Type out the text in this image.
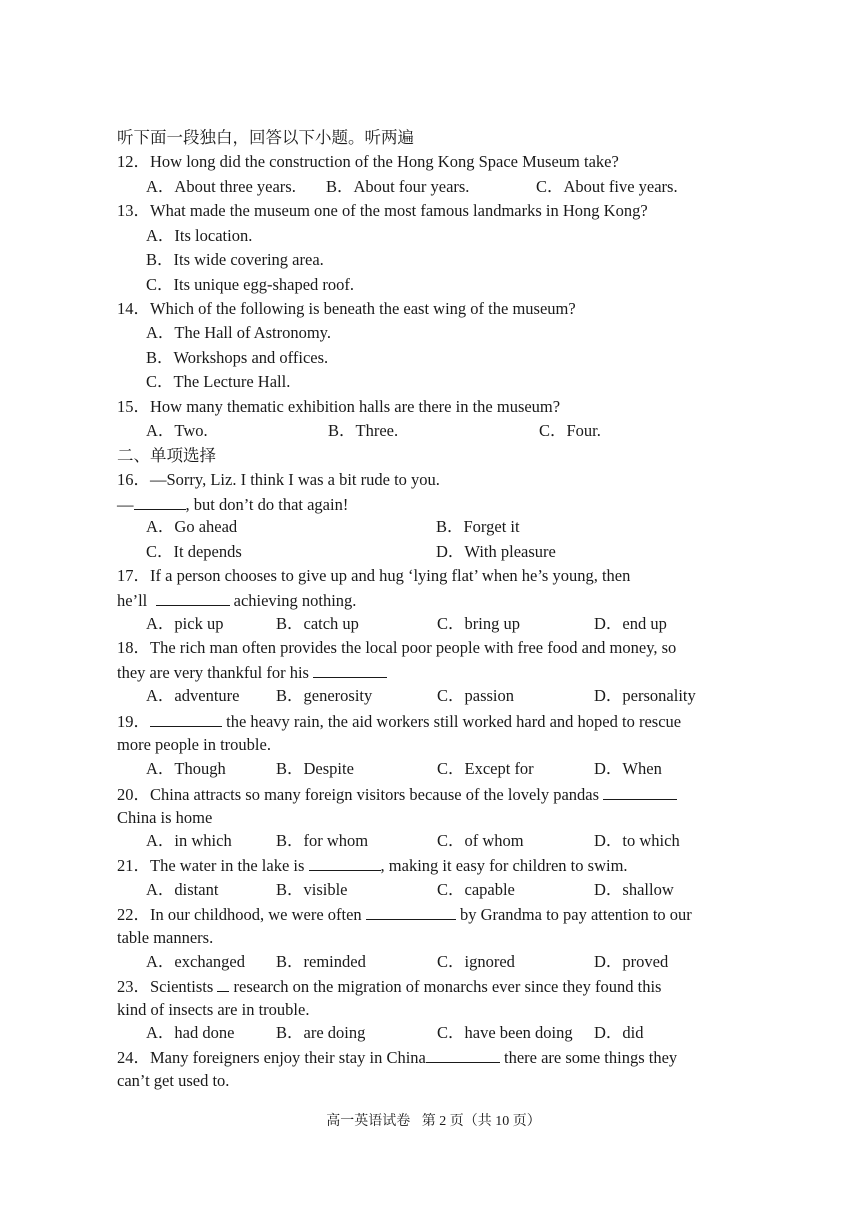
听下面一段独白，回答以下小题。听两遍
12．How long did the construction of the Hong Kong Space Museum take?
A．About three years. B．About four years.	C．About five years.
13．What made the museum one of the most famous landmarks in Hong Kong?
A．Its location.
B．Its wide covering area.
C．Its unique egg-shaped roof.
14．Which of the following is beneath the east wing of the museum?
A．The Hall of Astronomy.
B．Workshops and offices.
C．The Lecture Hall.
15．How many thematic exhibition halls are there in the museum?
A．Two.	B．Three.	C．Four.
二、单项选择
16．—Sorry, Liz. I think I was a bit rude to you.
—	, but don’t do that again!
A．Go ahead	B．Forget it
C．It depends	D．With pleasure
17．If a person chooses to give up and hug ‘lying flat’ when he’s young, then
he’ll	achieving nothing.
A．pick up	B．catch up	C．bring up	D．end up
18．The rich man often provides the local poor people with free food and money, so
they are very thankful for his
A．adventure B．generosity	C．passion	D．personality
19．	the heavy rain, the aid workers still worked hard and hoped to rescue
more people in trouble.
A．Though	B．Despite	C．Except for	D．When
20．China attracts so many foreign visitors because of the lovely pandas
China is home
A．in which	B．for whom	C．of whom	D．to which
21．The water in the lake is	, making it easy for children to swim.
A．distant	B．visible	C．capable	D．shallow
22．In our childhood, we were often	by Grandma to pay attention to our
table manners.
A．exchanged B．reminded	C．ignored	D．proved
23．Scientists research on the migration of monarchs ever since they found this
kind of insects are in trouble.
A．had done	B．are doing	C．have been doing D．did
24．Many foreigners enjoy their stay in China	there are some things they
can’t get used to.
高一英语试卷 第 2 页（共 10 页）
